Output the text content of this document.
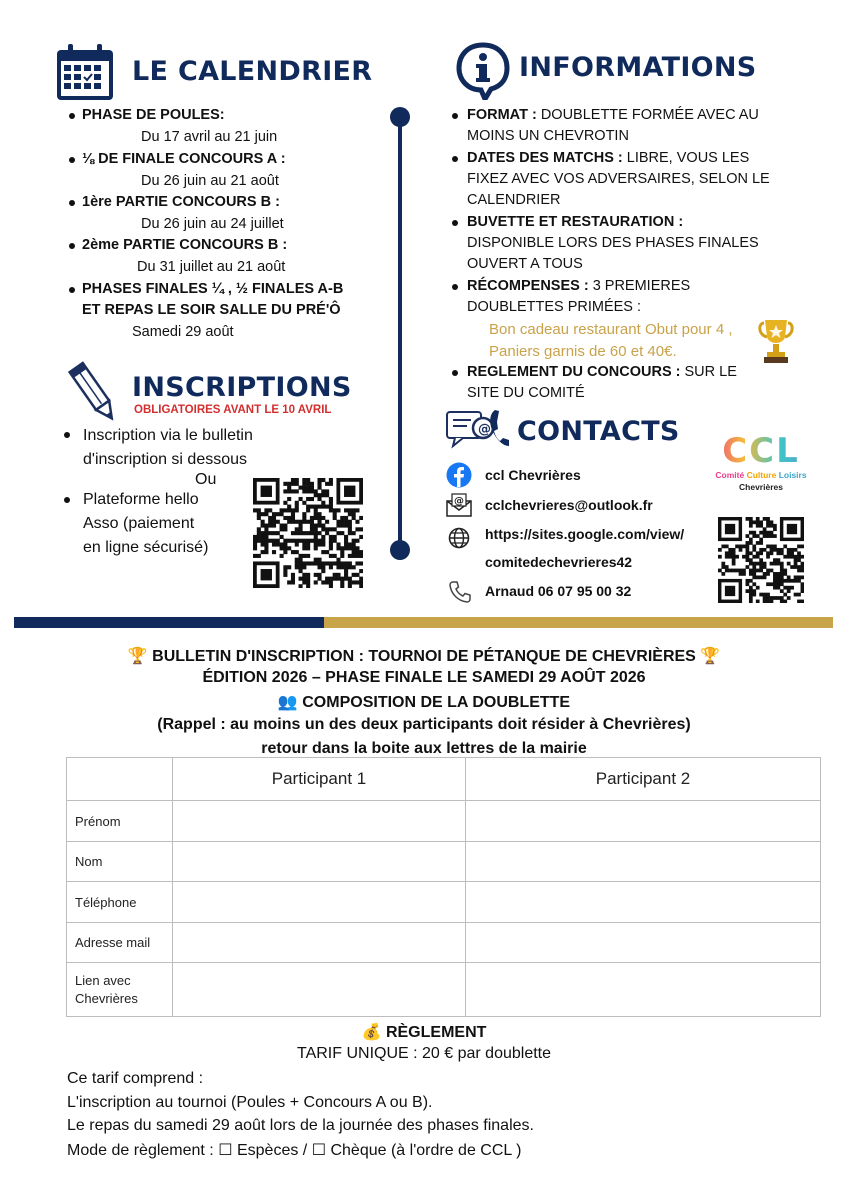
LE CALENDRIER
PHASE DE POULES:
Du 17 avril au 21 juin
⅛ DE FINALE CONCOURS A :
Du 26 juin au 21 août
1ère PARTIE CONCOURS B :
Du 26 juin au 24 juillet
2ème PARTIE CONCOURS B :
Du 31 juillet au 21 août
PHASES FINALES ¼ , ½ FINALES A-B
ET REPAS LE SOIR SALLE DU PRÉ'Ô
Samedi 29 août
INSCRIPTIONS
OBLIGATOIRES AVANT LE 10 AVRIL
Inscription via le bulletin
d'inscription si dessous
Ou
Plateforme hello
Asso (paiement
en ligne sécurisé)
INFORMATIONS
FORMAT : DOUBLETTE FORMÉE AVEC AU
MOINS UN CHEVROTIN
DATES DES MATCHS : LIBRE, VOUS LES
FIXEZ AVEC VOS ADVERSAIRES, SELON LE
CALENDRIER
BUVETTE ET RESTAURATION :
DISPONIBLE LORS DES PHASES FINALES
OUVERT A TOUS
RÉCOMPENSES : 3 PREMIERES
DOUBLETTES PRIMÉES :
Bon cadeau restaurant Obut pour 4 ,
Paniers garnis de 60 et 40€.
REGLEMENT DU CONCOURS : SUR LE
SITE DU COMITÉ
@ CONTACTS
ccl Chevrières
@ cclchevrieres@outlook.fr
https://sites.google.com/view/
comitedechevrieres42
Arnaud 06 07 95 00 32
CCL
Comité Culture Loisirs
Chevrières
🏆 BULLETIN D'INSCRIPTION : TOURNOI DE PÉTANQUE DE CHEVRIÈRES 🏆
ÉDITION 2026 – PHASE FINALE LE SAMEDI 29 AOÛT 2026
👥 COMPOSITION DE LA DOUBLETTE
(Rappel : au moins un des deux participants doit résider à Chevrières)
retour dans la boite aux lettres de la mairie
	Participant 1	Participant 2
Prénom		
Nom		
Téléphone		
Adresse mail		

Lien avec
Chevrières		

💰 RÈGLEMENT
TARIF UNIQUE : 20 € par doublette
Ce tarif comprend :
L'inscription au tournoi (Poules + Concours A ou B).
Le repas du samedi 29 août lors de la journée des phases finales.
Mode de règlement : ☐ Espèces / ☐ Chèque (à l'ordre de CCL )
